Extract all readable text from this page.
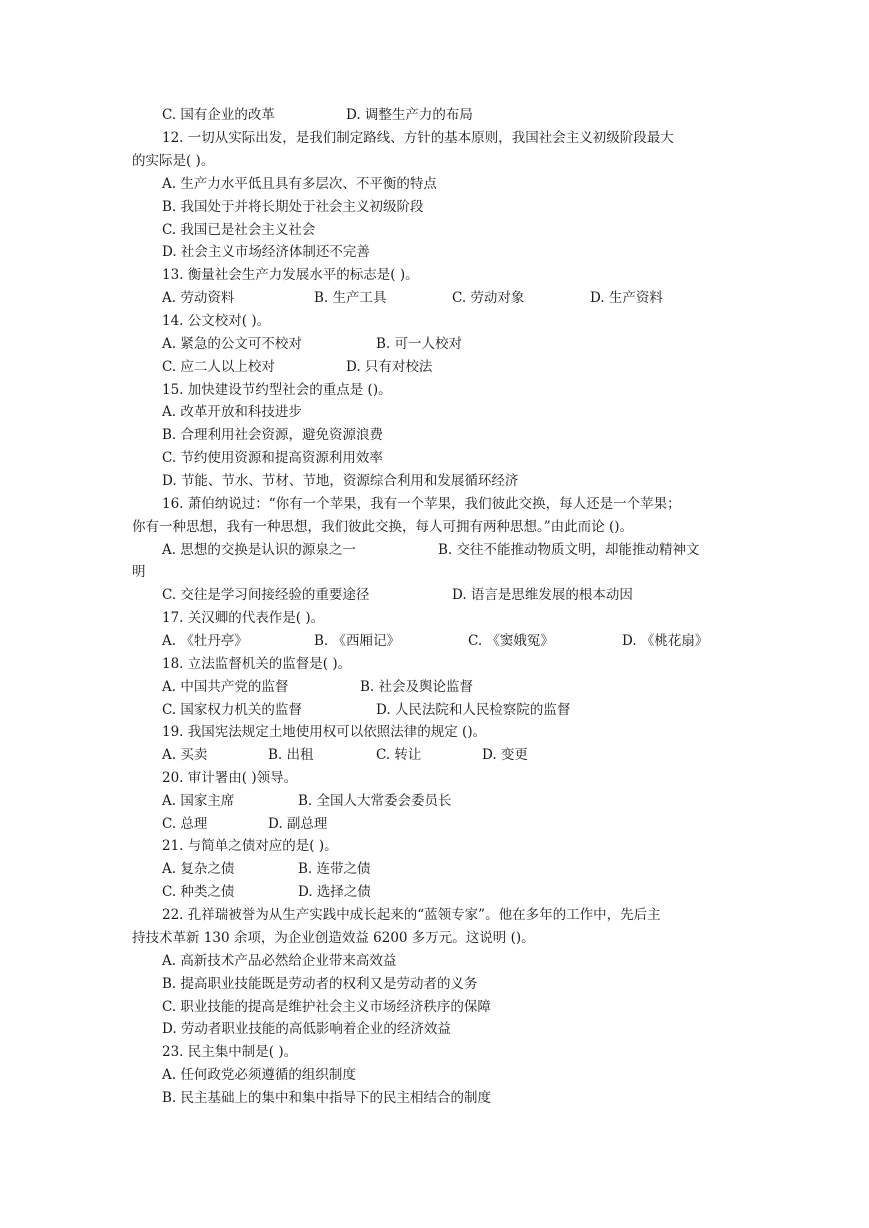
C. 国有企业的改革	D. 调整生产力的布局
12. 一切从实际出发，是我们制定路线、方针的基本原则，我国社会主义初级阶段最大
的实际是( )。
A. 生产力水平低且具有多层次、不平衡的特点
B. 我国处于并将长期处于社会主义初级阶段
C. 我国已是社会主义社会
D. 社会主义市场经济体制还不完善
13. 衡量社会生产力发展水平的标志是( )。
A. 劳动资料	B. 生产工具	C. 劳动对象	D. 生产资料
14. 公文校对( )。
A. 紧急的公文可不校对	B. 可一人校对
C. 应二人以上校对	D. 只有对校法
15. 加快建设节约型社会的重点是 ()。
A. 改革开放和科技进步
B. 合理利用社会资源，避免资源浪费
C. 节约使用资源和提高资源利用效率
D. 节能、节水、节材、节地，资源综合利用和发展循环经济
16. 萧伯纳说过：“你有一个苹果，我有一个苹果，我们彼此交换，每人还是一个苹果；
你有一种思想，我有一种思想，我们彼此交换，每人可拥有两种思想。”由此而论 ()。
A. 思想的交换是认识的源泉之一	B. 交往不能推动物质文明，却能推动精神文
明
C. 交往是学习间接经验的重要途径	D. 语言是思维发展的根本动因
17. 关汉卿的代表作是( )。
A. 《牡丹亭》	B. 《西厢记》	C. 《窦娥冤》	D. 《桃花扇》
18. 立法监督机关的监督是( )。
A. 中国共产党的监督	B. 社会及舆论监督
C. 国家权力机关的监督	D. 人民法院和人民检察院的监督
19. 我国宪法规定土地使用权可以依照法律的规定 ()。
A. 买卖	B. 出租	C. 转让	D. 变更
20. 审计署由( )领导。
A. 国家主席	B. 全国人大常委会委员长
C. 总理	D. 副总理
21. 与简单之债对应的是( )。
A. 复杂之债	B. 连带之债
C. 种类之债	D. 选择之债
22. 孔祥瑞被誉为从生产实践中成长起来的“蓝领专家”。他在多年的工作中，先后主
持技术革新 130 余项，为企业创造效益 6200 多万元。这说明 ()。
A. 高新技术产品必然给企业带来高效益
B. 提高职业技能既是劳动者的权利又是劳动者的义务
C. 职业技能的提高是维护社会主义市场经济秩序的保障
D. 劳动者职业技能的高低影响着企业的经济效益
23. 民主集中制是( )。
A. 任何政党必须遵循的组织制度
B. 民主基础上的集中和集中指导下的民主相结合的制度
